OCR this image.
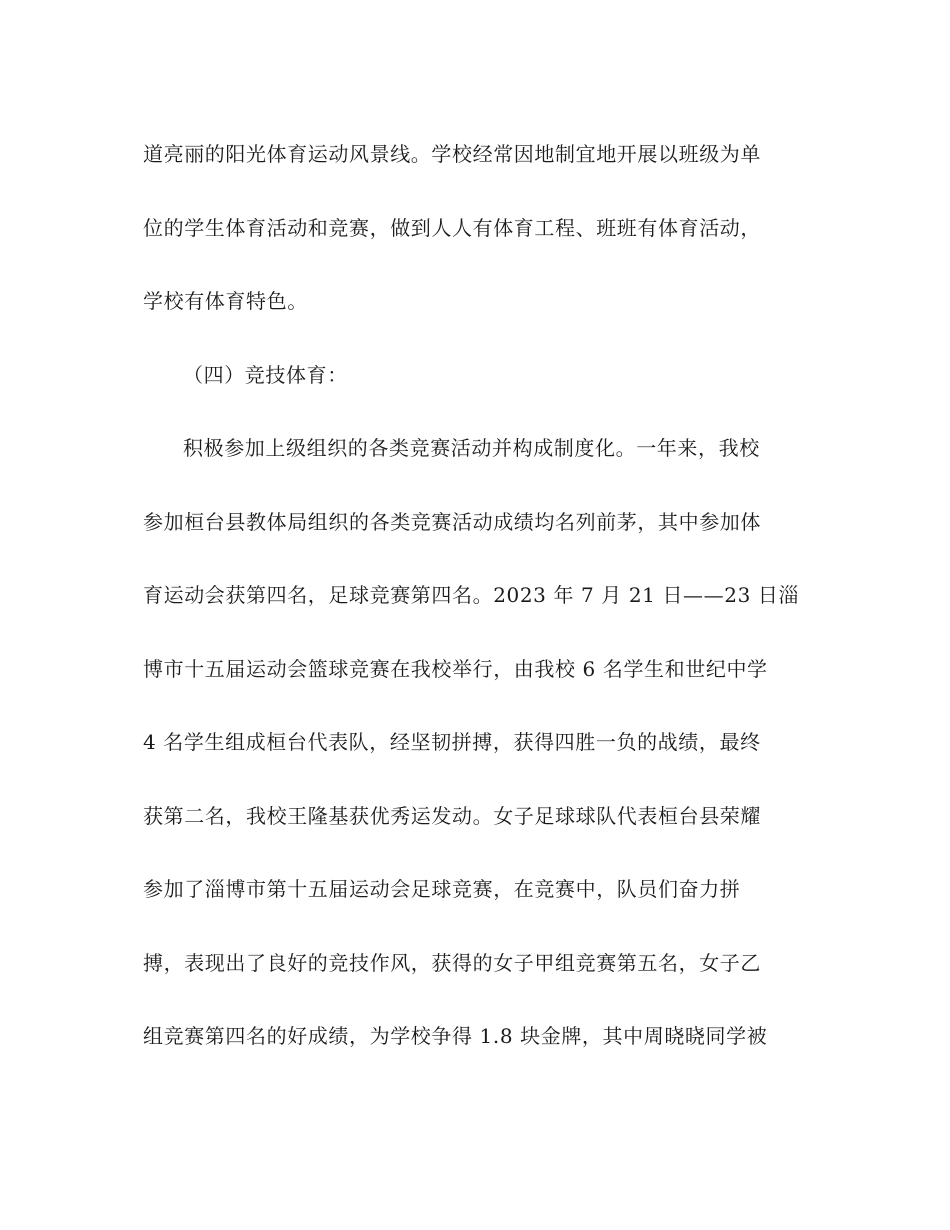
道亮丽的阳光体育运动风景线。学校经常因地制宜地开展以班级为单
位的学生体育活动和竞赛，做到人人有体育工程、班班有体育活动，
学校有体育特色。
（四）竞技体育：
积极参加上级组织的各类竞赛活动并构成制度化。一年来，我校
参加桓台县教体局组织的各类竞赛活动成绩均名列前茅，其中参加体
育运动会获第四名，足球竞赛第四名。2023 年 7 月 21 日——23 日淄
博市十五届运动会篮球竞赛在我校举行，由我校 6 名学生和世纪中学
4 名学生组成桓台代表队，经坚韧拼搏，获得四胜一负的战绩，最终
获第二名，我校王隆基获优秀运发动。女子足球球队代表桓台县荣耀
参加了淄博市第十五届运动会足球竞赛，在竞赛中，队员们奋力拼
搏，表现出了良好的竞技作风，获得的女子甲组竞赛第五名，女子乙
组竞赛第四名的好成绩，为学校争得 1.8 块金牌，其中周晓晓同学被
